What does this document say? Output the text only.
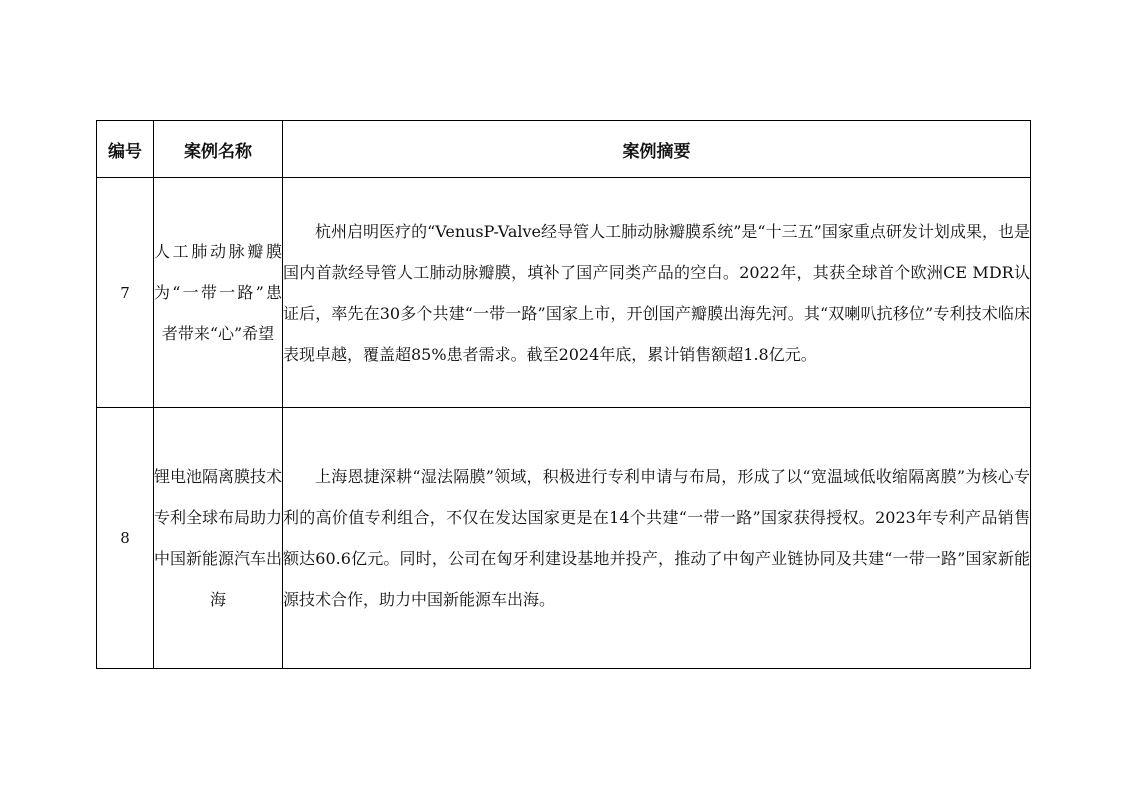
编号	案例名称	案例摘要
7	人工肺动脉瓣膜为“一带一路”患者带来“心”希望	杭州启明医疗的“VenusP-Valve经导管人工肺动脉瓣膜系统”是“十三五”国家重点研发计划成果，也是国内首款经导管人工肺动脉瓣膜，填补了国产同类产品的空白。2022年，其获全球首个欧洲CE MDR认证后，率先在30多个共建“一带一路”国家上市，开创国产瓣膜出海先河。其“双喇叭抗移位”专利技术临床表现卓越，覆盖超85%患者需求。截至2024年底，累计销售额超1.8亿元。

8	锂电池隔离膜技术专利全球布局助力中国新能源汽车出海	上海恩捷深耕“湿法隔膜”领域，积极进行专利申请与布局，形成了以“宽温域低收缩隔离膜”为核心专利的高价值专利组合，不仅在发达国家更是在14个共建“一带一路”国家获得授权。2023年专利产品销售额达60.6亿元。同时，公司在匈牙利建设基地并投产，推动了中匈产业链协同及共建“一带一路”国家新能源技术合作，助力中国新能源车出海。
